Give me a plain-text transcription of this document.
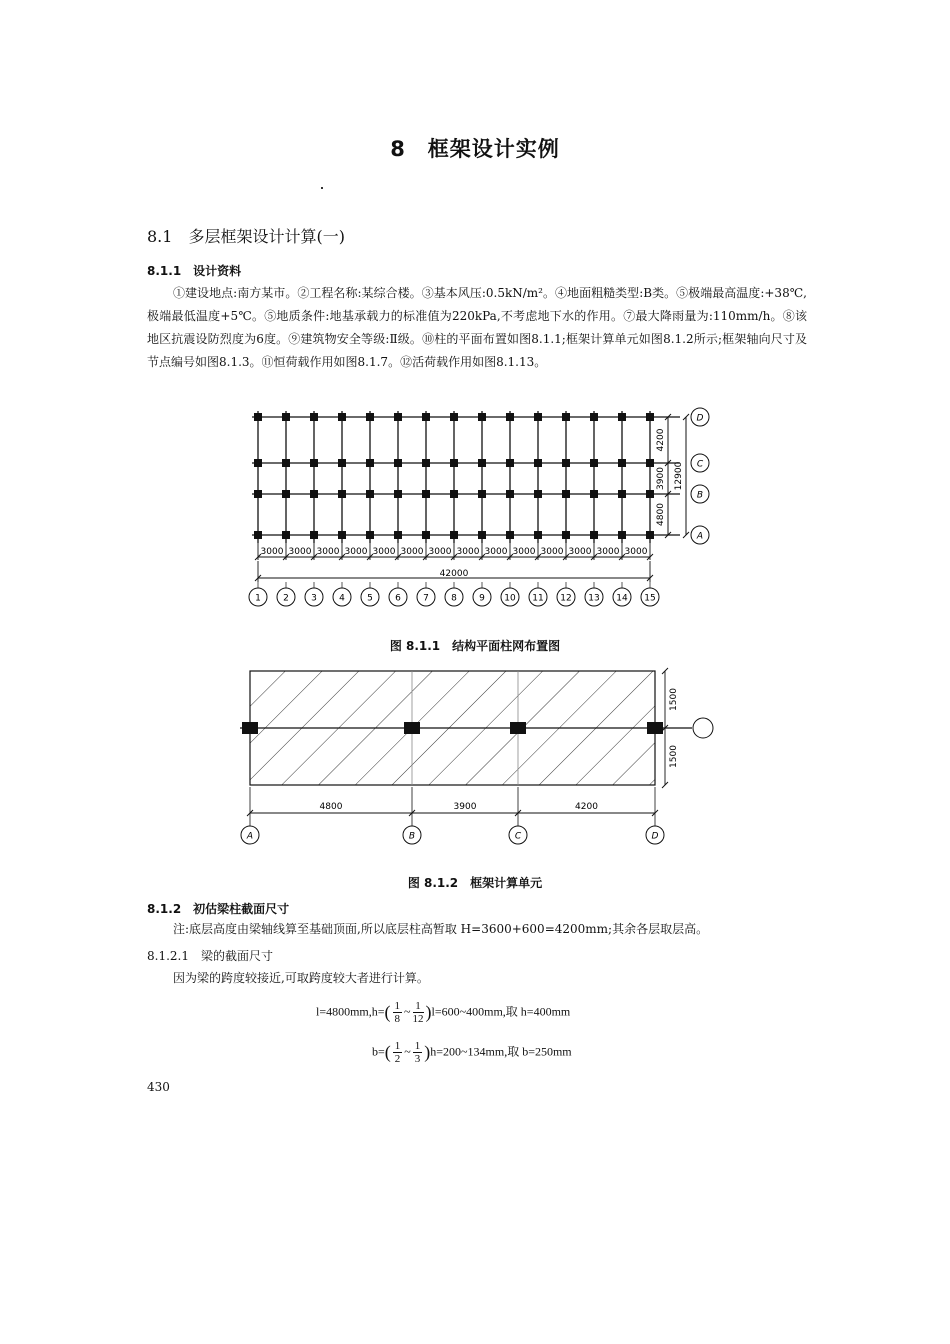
8　框架设计实例
8.1　多层框架设计计算(一)
8.1.1　设计资料
①建设地点:南方某市。②工程名称:某综合楼。③基本风压:0.5kN/m²。④地面粗糙类型:B类。⑤极端最高温度:+38℃,极端最低温度+5℃。⑤地质条件:地基承载力的标准值为220kPa,不考虑地下水的作用。⑦最大降雨量为:110mm/h。⑧该地区抗震设防烈度为6度。⑨建筑物安全等级:Ⅱ级。⑩柱的平面布置如图8.1.1;框架计算单元如图8.1.2所示;框架轴向尺寸及节点编号如图8.1.3。⑪恒荷载作用如图8.1.7。⑫活荷载作用如图8.1.13。
3000 3000 3000 3000 3000 3000 3000 3000 3000 3000 3000 3000 3000 3000
42000
1 2 3 4 5 6 7 8 9 10 11 12 13 14 15
4200
3900
4800
12900
D
C
B
A
图 8.1.1　结构平面柱网布置图
1500
1500
4800	3900	4200
A	B	C	D
图 8.1.2　框架计算单元
8.1.2　初估梁柱截面尺寸
注:底层高度由梁轴线算至基础顶面,所以底层柱高暂取 H=3600+600=4200mm;其余各层取层高。
8.1.2.1　梁的截面尺寸
因为梁的跨度较接近,可取跨度较大者进行计算。
$l=4800mm,h=( \frac{1}{8}$ ~ $\frac{1}{12}$ )l=600~400mm,取 h=400mm
$b=( \frac{1}{2}$ ~ $\frac{1}{3}$ )h=200~134mm,取 b=250mm
430
